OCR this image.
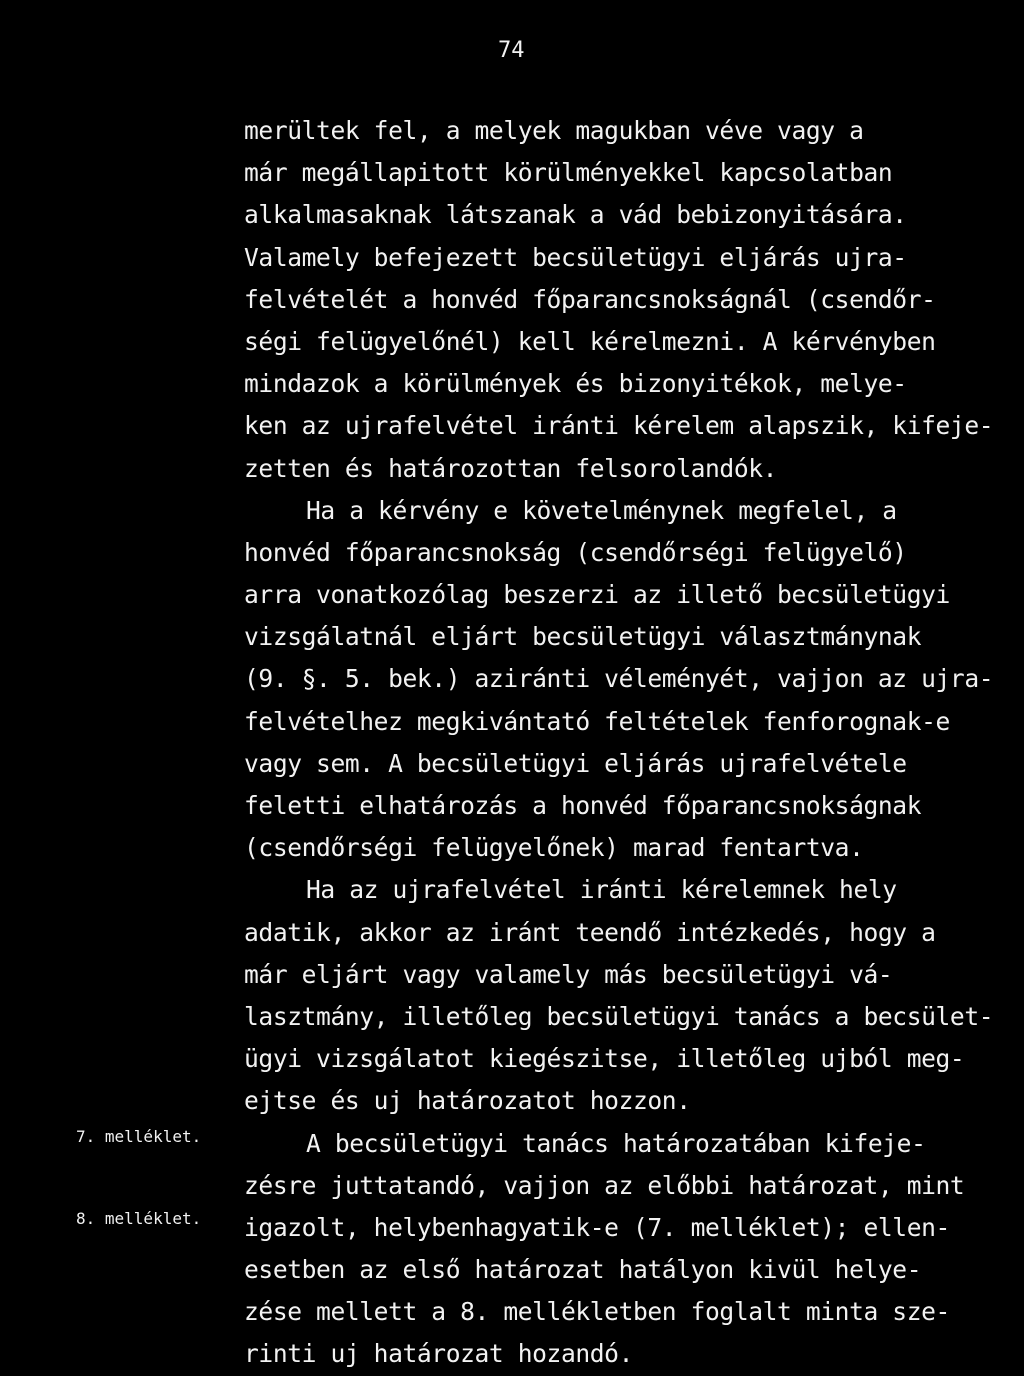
74
merültek fel, a melyek magukban véve vagy a
már megállapitott körülményekkel kapcsolatban
alkalmasaknak látszanak a vád bebizonyitására.
Valamely befejezett becsületügyi eljárás ujra-
felvételét a honvéd főparancsnokságnál (csendőr-
ségi felügyelőnél) kell kérelmezni. A kérvényben
mindazok a körülmények és bizonyitékok, melye-
ken az ujrafelvétel iránti kérelem alapszik, kifeje-
zetten és határozottan felsorolandók.
Ha a kérvény e követelménynek megfelel, a
honvéd főparancsnokság (csendőrségi felügyelő)
arra vonatkozólag beszerzi az illető becsületügyi
vizsgálatnál eljárt becsületügyi választmánynak
(9. §. 5. bek.) aziránti véleményét, vajjon az ujra-
felvételhez megkivántató feltételek fenforognak-e
vagy sem. A becsületügyi eljárás ujrafelvétele
feletti elhatározás a honvéd főparancsnokságnak
(csendőrségi felügyelőnek) marad fentartva.
Ha az ujrafelvétel iránti kérelemnek hely
adatik, akkor az iránt teendő intézkedés, hogy a
már eljárt vagy valamely más becsületügyi vá-
lasztmány, illetőleg becsületügyi tanács a becsület-
ügyi vizsgálatot kiegészitse, illetőleg ujból meg-
ejtse és uj határozatot hozzon.
A becsületügyi tanács határozatában kifeje-
zésre juttatandó, vajjon az előbbi határozat, mint
igazolt, helybenhagyatik-e (7. melléklet); ellen-
esetben az első határozat hatályon kivül helye-
zése mellett a 8. mellékletben foglalt minta sze-
rinti uj határozat hozandó.
7. melléklet.
8. melléklet.
